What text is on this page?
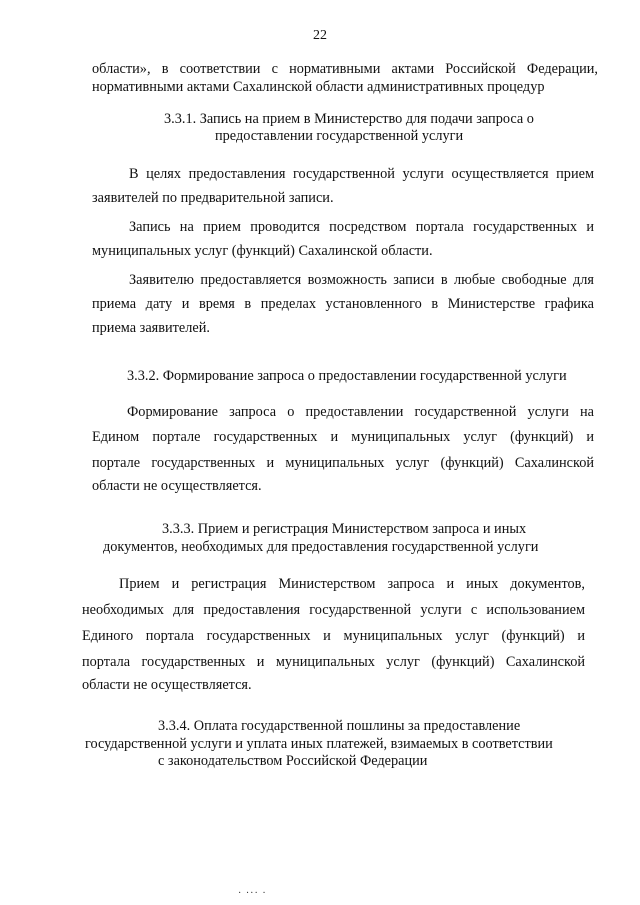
22
области», в соответствии с нормативными актами Российской Федерации,
нормативными актами Сахалинской области административных процедур
3.3.1. Запись на прием в Министерство для подачи запроса о
предоставлении государственной услуги
В целях предоставления государственной услуги осуществляется прием
заявителей по предварительной записи.
Запись на прием проводится посредством портала государственных и
муниципальных услуг (функций) Сахалинской области.
Заявителю предоставляется возможность записи в любые свободные для
приема дату и время в пределах установленного в Министерстве графика
приема заявителей.
3.3.2. Формирование запроса о предоставлении государственной услуги
Формирование запроса о предоставлении государственной услуги на
Едином портале государственных и муниципальных услуг (функций) и
портале государственных и муниципальных услуг (функций) Сахалинской
области не осуществляется.
3.3.3. Прием и регистрация Министерством запроса и иных
документов, необходимых для предоставления государственной услуги
Прием и регистрация Министерством запроса и иных документов,
необходимых для предоставления государственной услуги с использованием
Единого портала государственных и муниципальных услуг (функций) и
портала государственных и муниципальных услуг (функций) Сахалинской
области не осуществляется.
3.3.4. Оплата государственной пошлины за предоставление
государственной услуги и уплата иных платежей, взимаемых в соответствии
с законодательством Российской Федерации
· ··· ·
